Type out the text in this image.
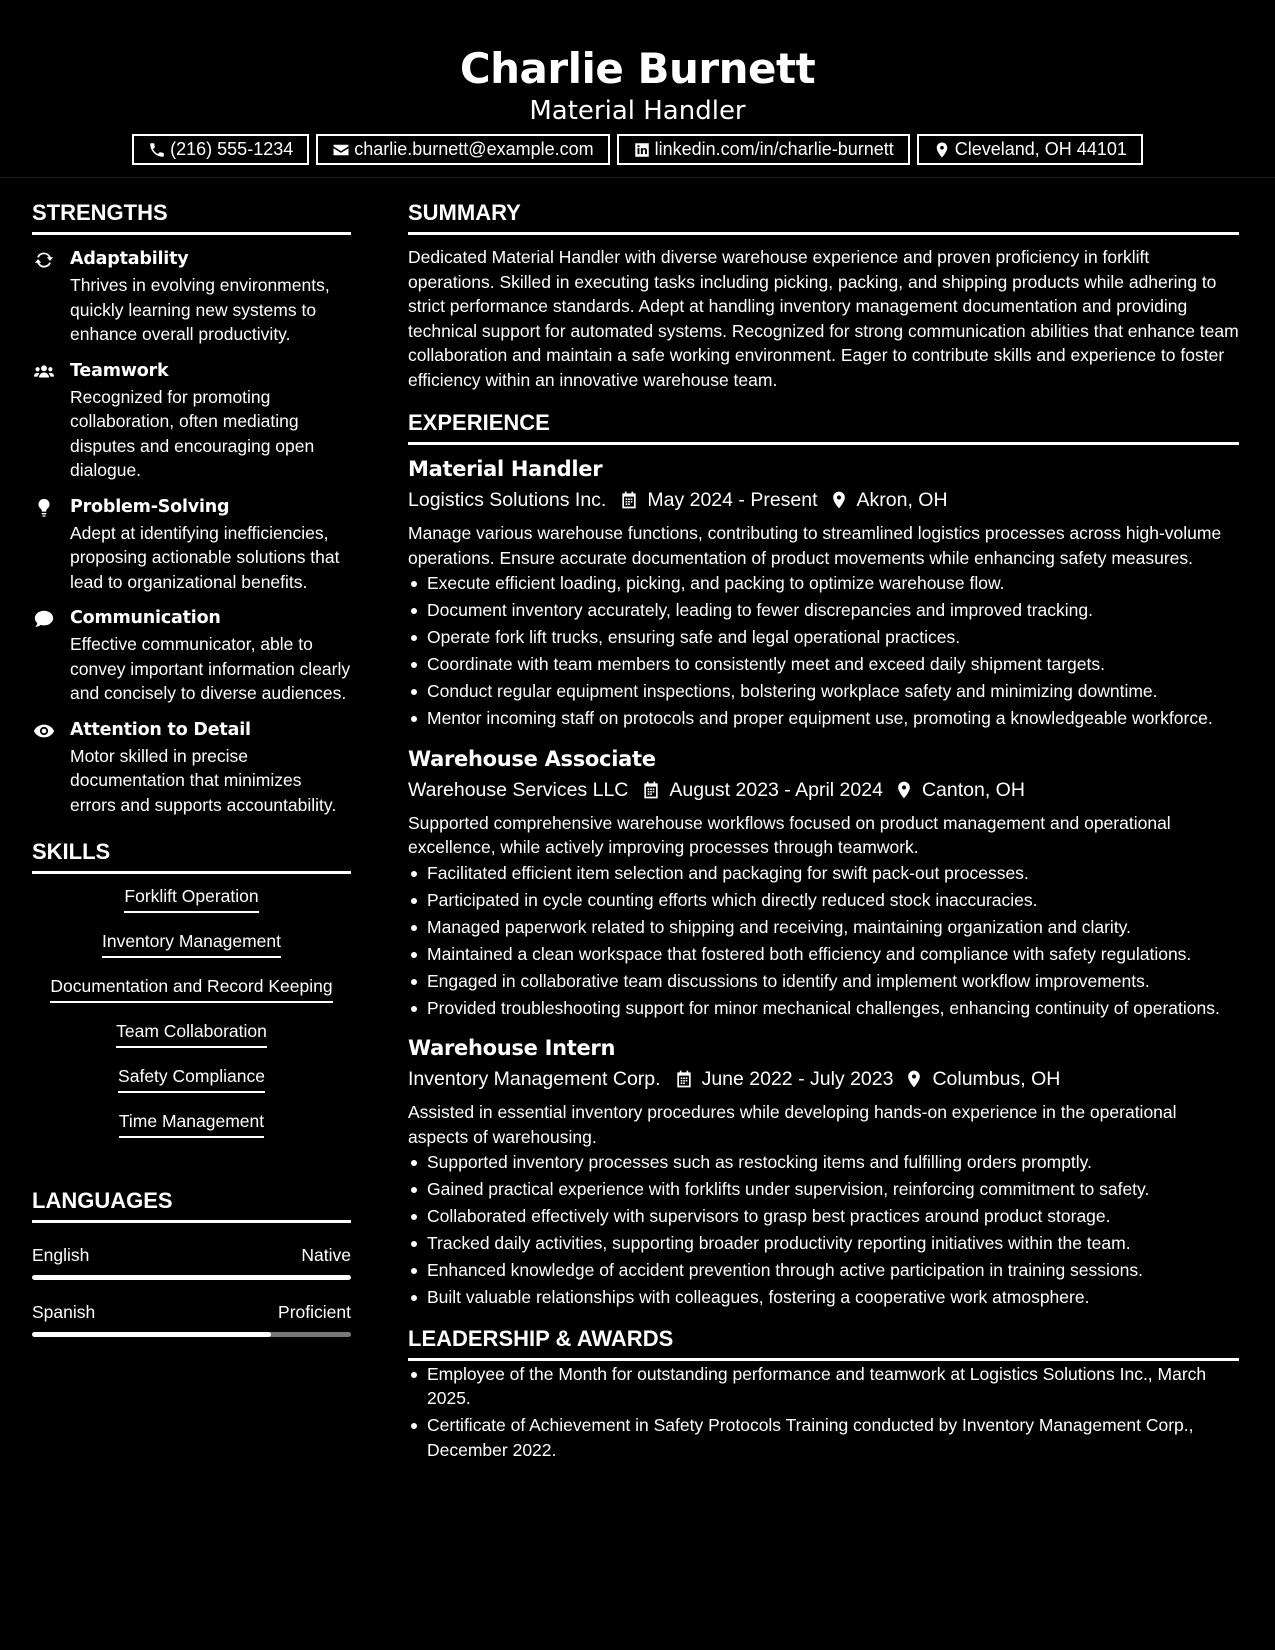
Charlie Burnett
Material Handler
(216) 555-1234	charlie.burnett@example.com	linkedin.com/in/charlie-burnett	Cleveland, OH 44101
STRENGTHS
Adaptability
Thrives in evolving environments, quickly learning new systems to enhance overall productivity.
Teamwork
Recognized for promoting collaboration, often mediating disputes and encouraging open dialogue.
Problem-Solving
Adept at identifying inefficiencies, proposing actionable solutions that lead to organizational benefits.
Communication
Effective communicator, able to convey important information clearly and concisely to diverse audiences.
Attention to Detail
Motor skilled in precise documentation that minimizes errors and supports accountability.
SKILLS
Forklift Operation
Inventory Management
Documentation and Record Keeping
Team Collaboration
Safety Compliance
Time Management
LANGUAGES
English	Native
Spanish	Proficient
SUMMARY
Dedicated Material Handler with diverse warehouse experience and proven proficiency in forklift operations. Skilled in executing tasks including picking, packing, and shipping products while adhering to strict performance standards. Adept at handling inventory management documentation and providing technical support for automated systems. Recognized for strong communication abilities that enhance team collaboration and maintain a safe working environment. Eager to contribute skills and experience to foster efficiency within an innovative warehouse team.
EXPERIENCE
Material Handler
Logistics Solutions Inc. May 2024 - Present Akron, OH
Manage various warehouse functions, contributing to streamlined logistics processes across high-volume operations. Ensure accurate documentation of product movements while enhancing safety measures.
Execute efficient loading, picking, and packing to optimize warehouse flow.
Document inventory accurately, leading to fewer discrepancies and improved tracking.
Operate fork lift trucks, ensuring safe and legal operational practices.
Coordinate with team members to consistently meet and exceed daily shipment targets.
Conduct regular equipment inspections, bolstering workplace safety and minimizing downtime.
Mentor incoming staff on protocols and proper equipment use, promoting a knowledgeable workforce.
Warehouse Associate
Warehouse Services LLC August 2023 - April 2024 Canton, OH
Supported comprehensive warehouse workflows focused on product management and operational excellence, while actively improving processes through teamwork.
Facilitated efficient item selection and packaging for swift pack-out processes.
Participated in cycle counting efforts which directly reduced stock inaccuracies.
Managed paperwork related to shipping and receiving, maintaining organization and clarity.
Maintained a clean workspace that fostered both efficiency and compliance with safety regulations.
Engaged in collaborative team discussions to identify and implement workflow improvements.
Provided troubleshooting support for minor mechanical challenges, enhancing continuity of operations.
Warehouse Intern
Inventory Management Corp. June 2022 - July 2023 Columbus, OH
Assisted in essential inventory procedures while developing hands-on experience in the operational aspects of warehousing.
Supported inventory processes such as restocking items and fulfilling orders promptly.
Gained practical experience with forklifts under supervision, reinforcing commitment to safety.
Collaborated effectively with supervisors to grasp best practices around product storage.
Tracked daily activities, supporting broader productivity reporting initiatives within the team.
Enhanced knowledge of accident prevention through active participation in training sessions.
Built valuable relationships with colleagues, fostering a cooperative work atmosphere.
LEADERSHIP & AWARDS
Employee of the Month for outstanding performance and teamwork at Logistics Solutions Inc., March 2025.
Certificate of Achievement in Safety Protocols Training conducted by Inventory Management Corp., December 2022.
